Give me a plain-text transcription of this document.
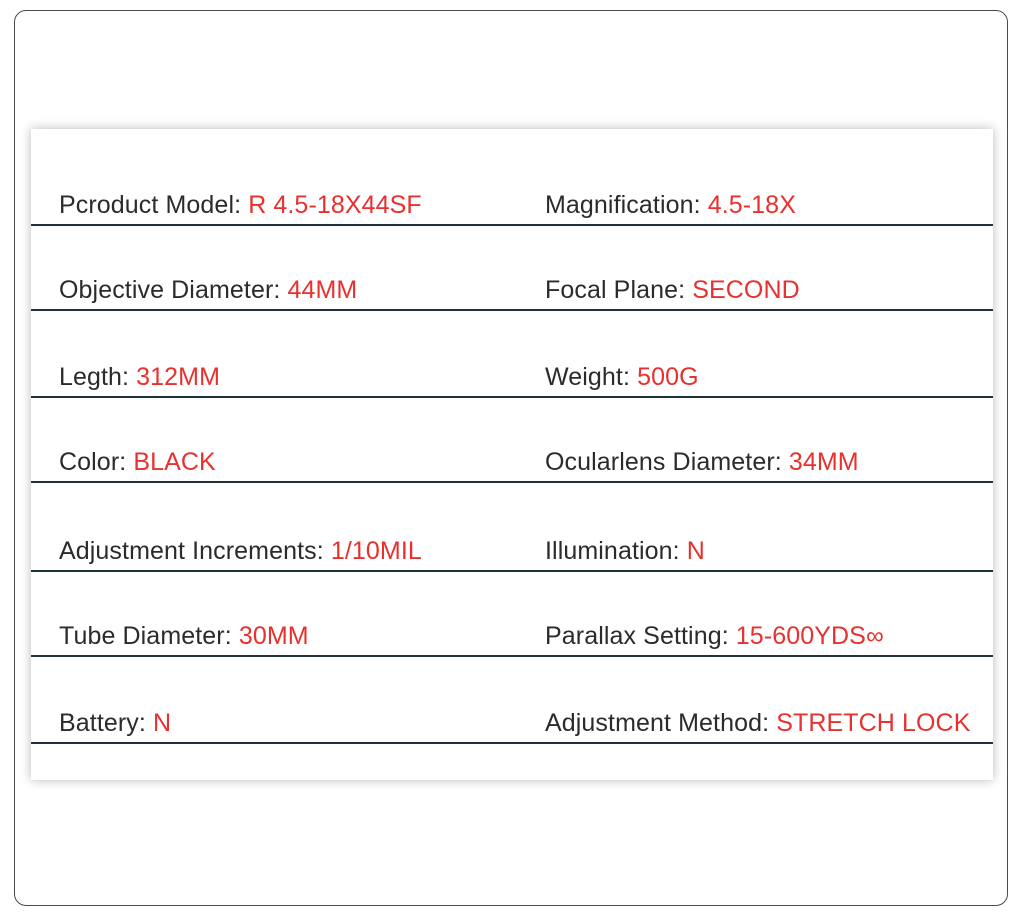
Pcroduct Model: R 4.5-18X44SF	Magnification: 4.5-18X
Objective Diameter: 44MM	Focal Plane: SECOND
Legth: 312MM	Weight: 500G
Color: BLACK	Ocularlens Diameter: 34MM
Adjustment Increments: 1/10MIL	Illumination: N
Tube Diameter: 30MM	Parallax Setting: 15-600YDS∞
Battery: N	Adjustment Method: STRETCH LOCK
